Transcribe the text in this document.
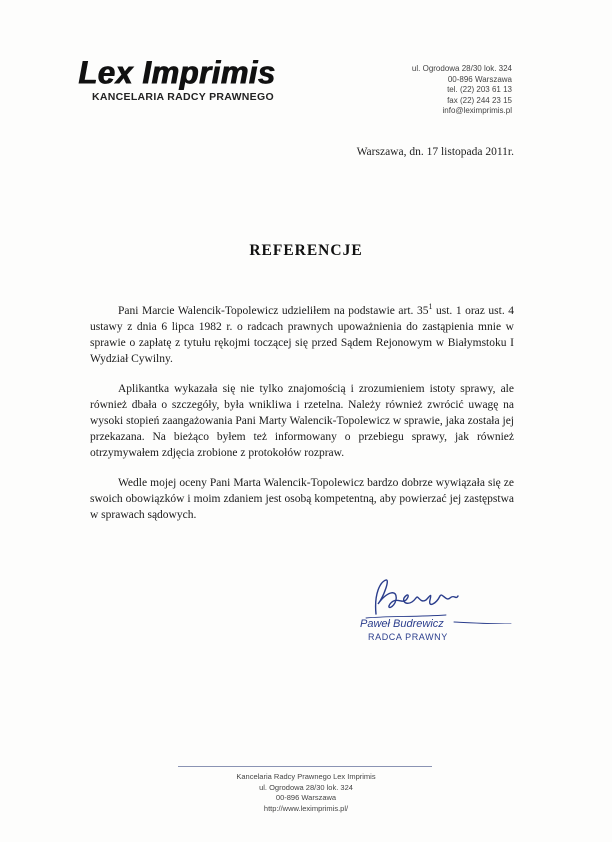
Lex Imprimis
KANCELARIA RADCY PRAWNEGO
ul. Ogrodowa 28/30 lok. 324
00-896 Warszawa
tel. (22) 203 61 13
fax (22) 244 23 15
info@leximprimis.pl
Warszawa, dn. 17 listopada 2011r.
REFERENCJE

Pani Marcie Walencik-Topolewicz udzieliłem na podstawie art. $35^1$ ust. 1 oraz ust. 4 ustawy z dnia 6 lipca 1982 r. o radcach prawnych upoważnienia do zastąpienia mnie w sprawie o zapłatę z tytułu rękojmi toczącej się przed Sądem Rejonowym w Białymstoku I Wydział Cywilny.

Aplikantka wykazała się nie tylko znajomością i zrozumieniem istoty sprawy, ale również dbała o szczegóły, była wnikliwa i rzetelna. Należy również zwrócić uwagę na wysoki stopień zaangażowania Pani Marty Walencik-Topolewicz w sprawie, jaka została jej przekazana. Na bieżąco byłem też informowany o przebiegu sprawy, jak również otrzymywałem zdjęcia zrobione z protokołów rozpraw.

Wedle mojej oceny Pani Marta Walencik-Topolewicz bardzo dobrze wywiązała się ze swoich obowiązków i moim zdaniem jest osobą kompetentną, aby powierzać jej zastępstwa w sprawach sądowych.

Paweł Budrewicz
RADCA PRAWNY
Kancelaria Radcy Prawnego Lex Imprimis
ul. Ogrodowa 28/30 lok. 324
00-896 Warszawa
http://www.leximprimis.pl/
